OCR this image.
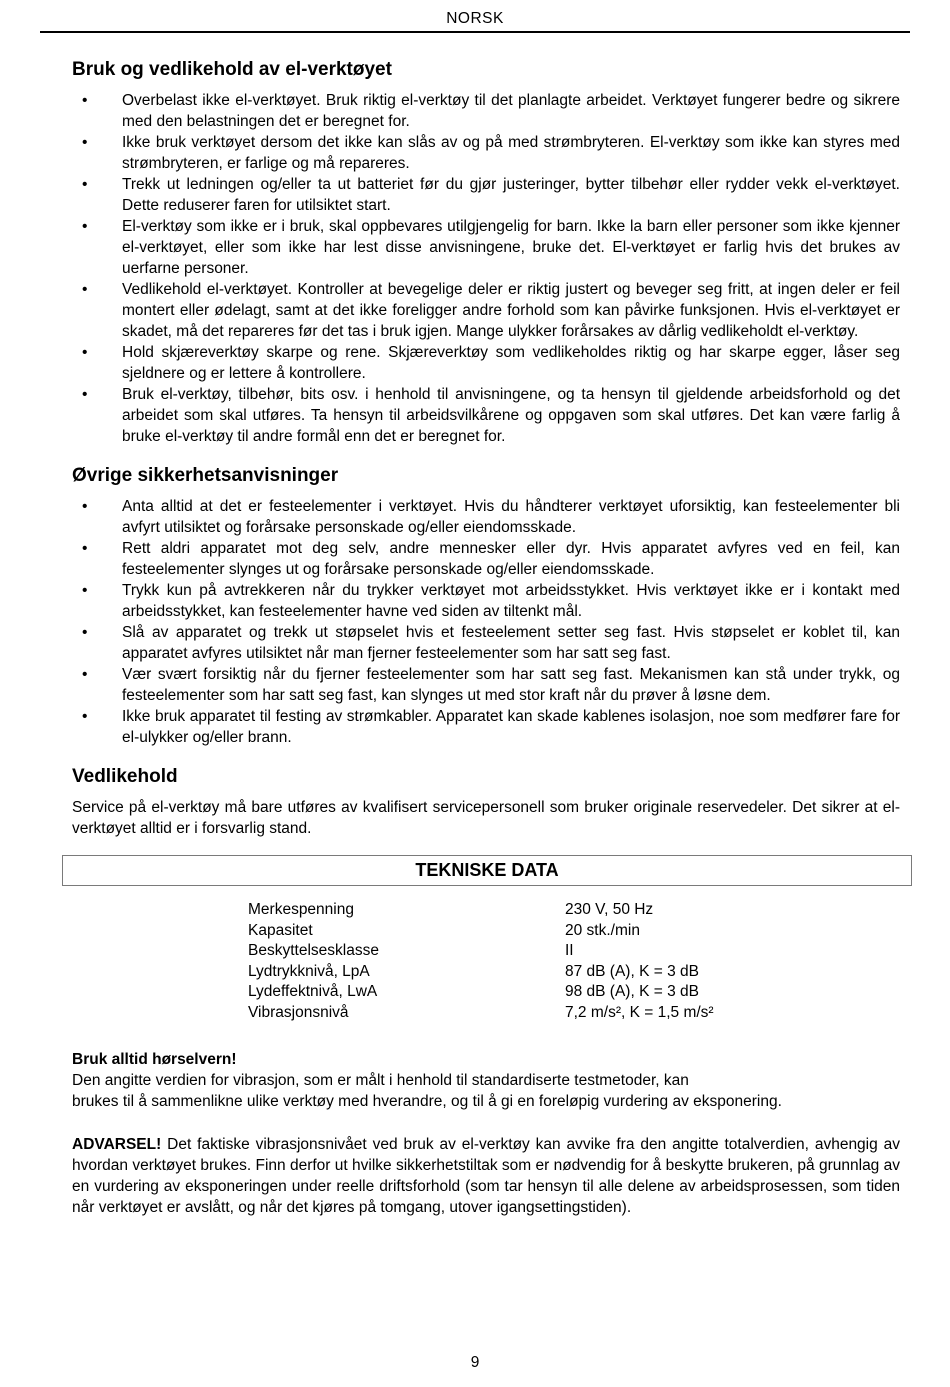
NORSK
Bruk og vedlikehold av el-verktøyet
• Overbelast ikke el-verktøyet. Bruk riktig el-verktøy til det planlagte arbeidet. Verktøyet fungerer bedre og sikrere med den belastningen det er beregnet for.
• Ikke bruk verktøyet dersom det ikke kan slås av og på med strømbryteren. El-verktøy som ikke kan styres med strømbryteren, er farlige og må repareres.
• Trekk ut ledningen og/eller ta ut batteriet før du gjør justeringer, bytter tilbehør eller rydder vekk el-verktøyet. Dette reduserer faren for utilsiktet start.
• El-verktøy som ikke er i bruk, skal oppbevares utilgjengelig for barn. Ikke la barn eller personer som ikke kjenner el-verktøyet, eller som ikke har lest disse anvisningene, bruke det. El-verktøyet er farlig hvis det brukes av uerfarne personer.
• Vedlikehold el-verktøyet. Kontroller at bevegelige deler er riktig justert og beveger seg fritt, at ingen deler er feil montert eller ødelagt, samt at det ikke foreligger andre forhold som kan påvirke funksjonen. Hvis el-verktøyet er skadet, må det repareres før det tas i bruk igjen. Mange ulykker forårsakes av dårlig vedlikeholdt el-verktøy.
• Hold skjæreverktøy skarpe og rene. Skjæreverktøy som vedlikeholdes riktig og har skarpe egger, låser seg sjeldnere og er lettere å kontrollere.
• Bruk el-verktøy, tilbehør, bits osv. i henhold til anvisningene, og ta hensyn til gjeldende arbeidsforhold og det arbeidet som skal utføres. Ta hensyn til arbeidsvilkårene og oppgaven som skal utføres. Det kan være farlig å bruke el-verktøy til andre formål enn det er beregnet for.
Øvrige sikkerhetsanvisninger
• Anta alltid at det er festeelementer i verktøyet. Hvis du håndterer verktøyet uforsiktig, kan festeelementer bli avfyrt utilsiktet og forårsake personskade og/eller eiendomsskade.
• Rett aldri apparatet mot deg selv, andre mennesker eller dyr. Hvis apparatet avfyres ved en feil, kan festeelementer slynges ut og forårsake personskade og/eller eiendomsskade.
• Trykk kun på avtrekkeren når du trykker verktøyet mot arbeidsstykket. Hvis verktøyet ikke er i kontakt med arbeidsstykket, kan festeelementer havne ved siden av tiltenkt mål.
• Slå av apparatet og trekk ut støpselet hvis et festeelement setter seg fast. Hvis støpselet er koblet til, kan apparatet avfyres utilsiktet når man fjerner festeelementer som har satt seg fast.
• Vær svært forsiktig når du fjerner festeelementer som har satt seg fast. Mekanismen kan stå under trykk, og festeelementer som har satt seg fast, kan slynges ut med stor kraft når du prøver å løsne dem.
• Ikke bruk apparatet til festing av strømkabler. Apparatet kan skade kablenes isolasjon, noe som medfører fare for el-ulykker og/eller brann.
Vedlikehold

Service på el-verktøy må bare utføres av kvalifisert servicepersonell som bruker originale reservedeler. Det sikrer at el-verktøyet alltid er i forsvarlig stand.

TEKNISKE DATA
Merkespenning	230 V, 50 Hz
Kapasitet	20 stk./min
Beskyttelsesklasse	II
Lydtrykknivå, LpA	87 dB (A), K = 3 dB
Lydeffektnivå, LwA	98 dB (A), K = 3 dB
Vibrasjonsnivå	7,2 m/s², K = 1,5 m/s²
Bruk alltid hørselvern!
Den angitte verdien for vibrasjon, som er målt i henhold til standardiserte testmetoder, kan
brukes til å sammenlikne ulike verktøy med hverandre, og til å gi en foreløpig vurdering av eksponering.

ADVARSEL! Det faktiske vibrasjonsnivået ved bruk av el-verktøy kan avvike fra den angitte totalverdien, avhengig av hvordan verktøyet brukes. Finn derfor ut hvilke sikkerhetstiltak som er nødvendig for å beskytte brukeren, på grunnlag av en vurdering av eksponeringen under reelle driftsforhold (som tar hensyn til alle delene av arbeidsprosessen, som tiden når verktøyet er avslått, og når det kjøres på tomgang, utover igangsettingstiden).

9
